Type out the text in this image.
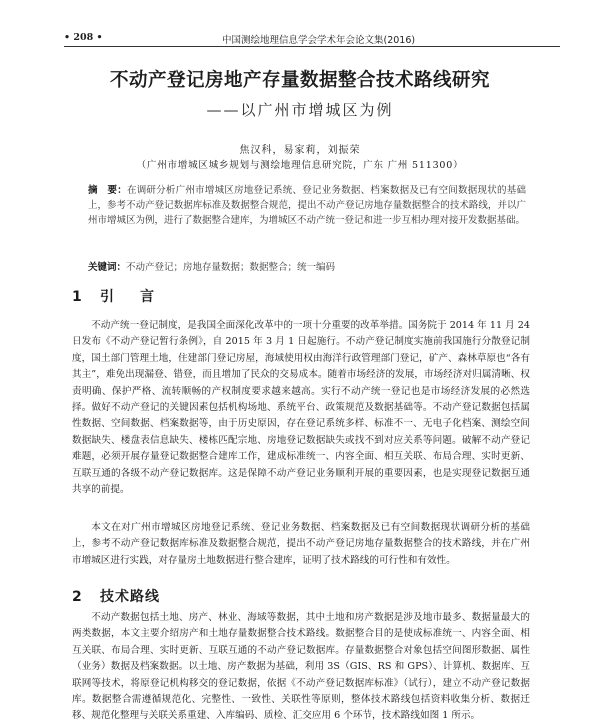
• 208 •	中国测绘地理信息学会学术年会论文集(2016)
不动产登记房地产存量数据整合技术路线研究
——以广州市增城区为例
焦汉科，易家莉，刘振荣
（广州市增城区城乡规划与测绘地理信息研究院，广东 广州 511300）
摘　要：在调研分析广州市增城区房地登记系统、登记业务数据、档案数据及已有空间数据现状的基础上，参考不动产登记数据库标准及数据整合规范，提出不动产登记房地存量数据整合的技术路线，并以广州市增城区为例，进行了数据整合建库，为增城区不动产统一登记和进一步互相办理对接开发数据基础。
关键词：不动产登记；房地存量数据；数据整合；统一编码
1 引　言
不动产统一登记制度，是我国全面深化改革中的一项十分重要的改革举措。国务院于 2014 年 11 月 24 日发布《不动产登记暂行条例》，自 2015 年 3 月 1 日起施行。不动产登记制度实施前我国施行分散登记制度，国土部门管理土地，住建部门登记房屋，海域使用权由海洋行政管理部门登记，矿产、森林草原也“各有其主”，难免出现漏登、错登，而且增加了民众的交易成本。随着市场经济的发展，市场经济对归属清晰、权责明确、保护严格、流转顺畅的产权制度要求越来越高。实行不动产统一登记也是市场经济发展的必然选择。做好不动产登记的关键因素包括机构场地、系统平台、政策规范及数据基础等。不动产登记数据包括属性数据、空间数据、档案数据等，由于历史原因，存在登记系统多样、标准不一、无电子化档案、测绘空间数据缺失、楼盘表信息缺失、楼栋匹配宗地、房地登记数据缺失或找不到对应关系等问题。破解不动产登记难题，必须开展存量登记数据整合建库工作，建成标准统一、内容全面、相互关联、布局合理、实时更新、互联互通的各级不动产登记数据库。这是保障不动产登记业务顺利开展的重要因素，也是实现登记数据互通共享的前提。
本文在对广州市增城区房地登记系统、登记业务数据、档案数据及已有空间数据现状调研分析的基础上，参考不动产登记数据库标准及数据整合规范，提出不动产登记房地存量数据整合的技术路线，并在广州市增城区进行实践，对存量房土地数据进行整合建库，证明了技术路线的可行性和有效性。
2 技术路线
不动产数据包括土地、房产、林业、海域等数据，其中土地和房产数据是涉及地市最多、数据量最大的两类数据，本文主要介绍房产和土地存量数据整合技术路线。数据整合目的是使成标准统一、内容全面、相互关联、布局合理、实时更新、互联互通的不动产登记数据库。存量数据整合对象包括空间图形数据、属性（业务）数据及档案数据。以土地、房产数据为基础，利用 3S（GIS、RS 和 GPS）、计算机、数据库、互联网等技术，将原登记机构移交的登记数据，依据《不动产登记数据库标准》（试行），建立不动产登记数据库。数据整合需遵循规范化、完整性、一致性、关联性等原则，整体技术路线包括资料收集分析、数据迁移、规范化整理与关联关系重建、入库编码、质检、汇交应用 6 个环节，技术路线如图 1 所示。
